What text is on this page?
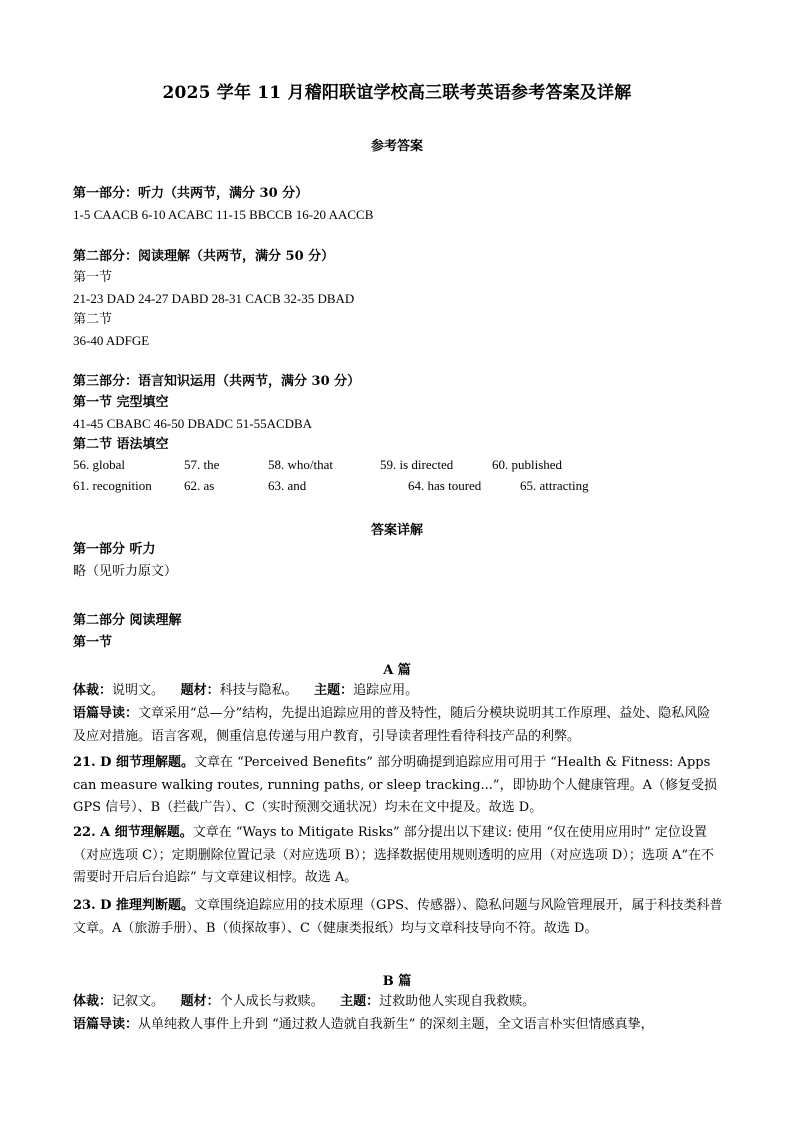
2025 学年 11 月稽阳联谊学校高三联考英语参考答案及详解
参考答案
第一部分：听力（共两节，满分 30 分）
1-5 CAACB 6-10 ACABC 11-15 BBCCB 16-20 AACCB
第二部分：阅读理解（共两节，满分 50 分）
第一节
21-23 DAD 24-27 DABD 28-31 CACB 32-35 DBAD
第二节
36-40 ADFGE
第三部分：语言知识运用（共两节，满分 30 分）
第一节 完型填空
41-45 CBABC 46-50 DBADC 51-55ACDBA
第二节 语法填空
56. global	57. the	58. who/that	59. is directed	60. published
61. recognition 62. as	63. and	64. has toured	65. attracting
答案详解
第一部分 听力
略（见听力原文）
第二部分 阅读理解
第一节
A 篇
体裁：说明文。 题材：科技与隐私。 主题：追踪应用。
语篇导读：文章采用“总—分”结构，先提出追踪应用的普及特性，随后分模块说明其工作原理、益处、隐私风险及应对措施。语言客观，侧重信息传递与用户教育，引导读者理性看待科技产品的利弊。
21. D 细节理解题。文章在 “Perceived Benefits” 部分明确提到追踪应用可用于 “Health & Fitness: Apps can measure walking routes, running paths, or sleep tracking...”，即协助个人健康管理。A（修复受损 GPS 信号）、B（拦截广告）、C（实时预测交通状况）均未在文中提及。故选 D。
22. A 细节理解题。文章在 “Ways to Mitigate Risks” 部分提出以下建议: 使用 “仅在使用应用时” 定位设置（对应选项 C）；定期删除位置记录（对应选项 B）；选择数据使用规则透明的应用（对应选项 D）；选项 A“在不需要时开启后台追踪” 与文章建议相悖。故选 A。
23. D 推理判断题。文章围绕追踪应用的技术原理（GPS、传感器）、隐私问题与风险管理展开，属于科技类科普文章。A（旅游手册）、B（侦探故事）、C（健康类报纸）均与文章科技导向不符。故选 D。
B 篇
体裁：记叙文。 题材：个人成长与救赎。 主题：过救助他人实现自我救赎。
语篇导读：从单纯救人事件上升到 “通过救人造就自我新生” 的深刻主题，全文语言朴实但情感真挚，
